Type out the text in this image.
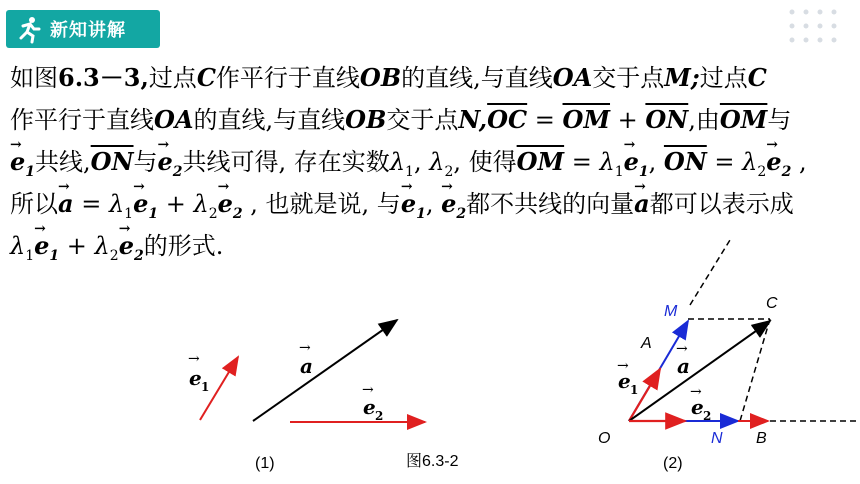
新知讲解
如图6.3－3,过点C作平行于直线OB的直线,与直线OA交于点M;过点C
作平行于直线OA的直线,与直线OB交于点$N,\overline{OC} = \overline{OM} + \overline{ON}$,由$\overline{OM}$与
→ $e_1$共线$,\overline{ON}$与→ $e_2$共线可得, 存在实数$\lambda_1$, $\lambda_2$, 使得$\overline{OM} = \lambda_1\to e_1$, $\overline{ON} = \lambda_2\to e_2$ ,
所以→ $a = \lambda_1\to e_1 + \lambda_2\to e_2$ , 也就是说, 与→ $e_1$, → $e_2$都不共线的向量→ a都可以表示成
$\lambda_1\to e_1 + \lambda_2\to e_2$的形式.
→
e 1
→
a
→
e 2
(1)	图6.3-2
M	C
A
O	N B
→
e 1
→
a
→
e 2
(2)
